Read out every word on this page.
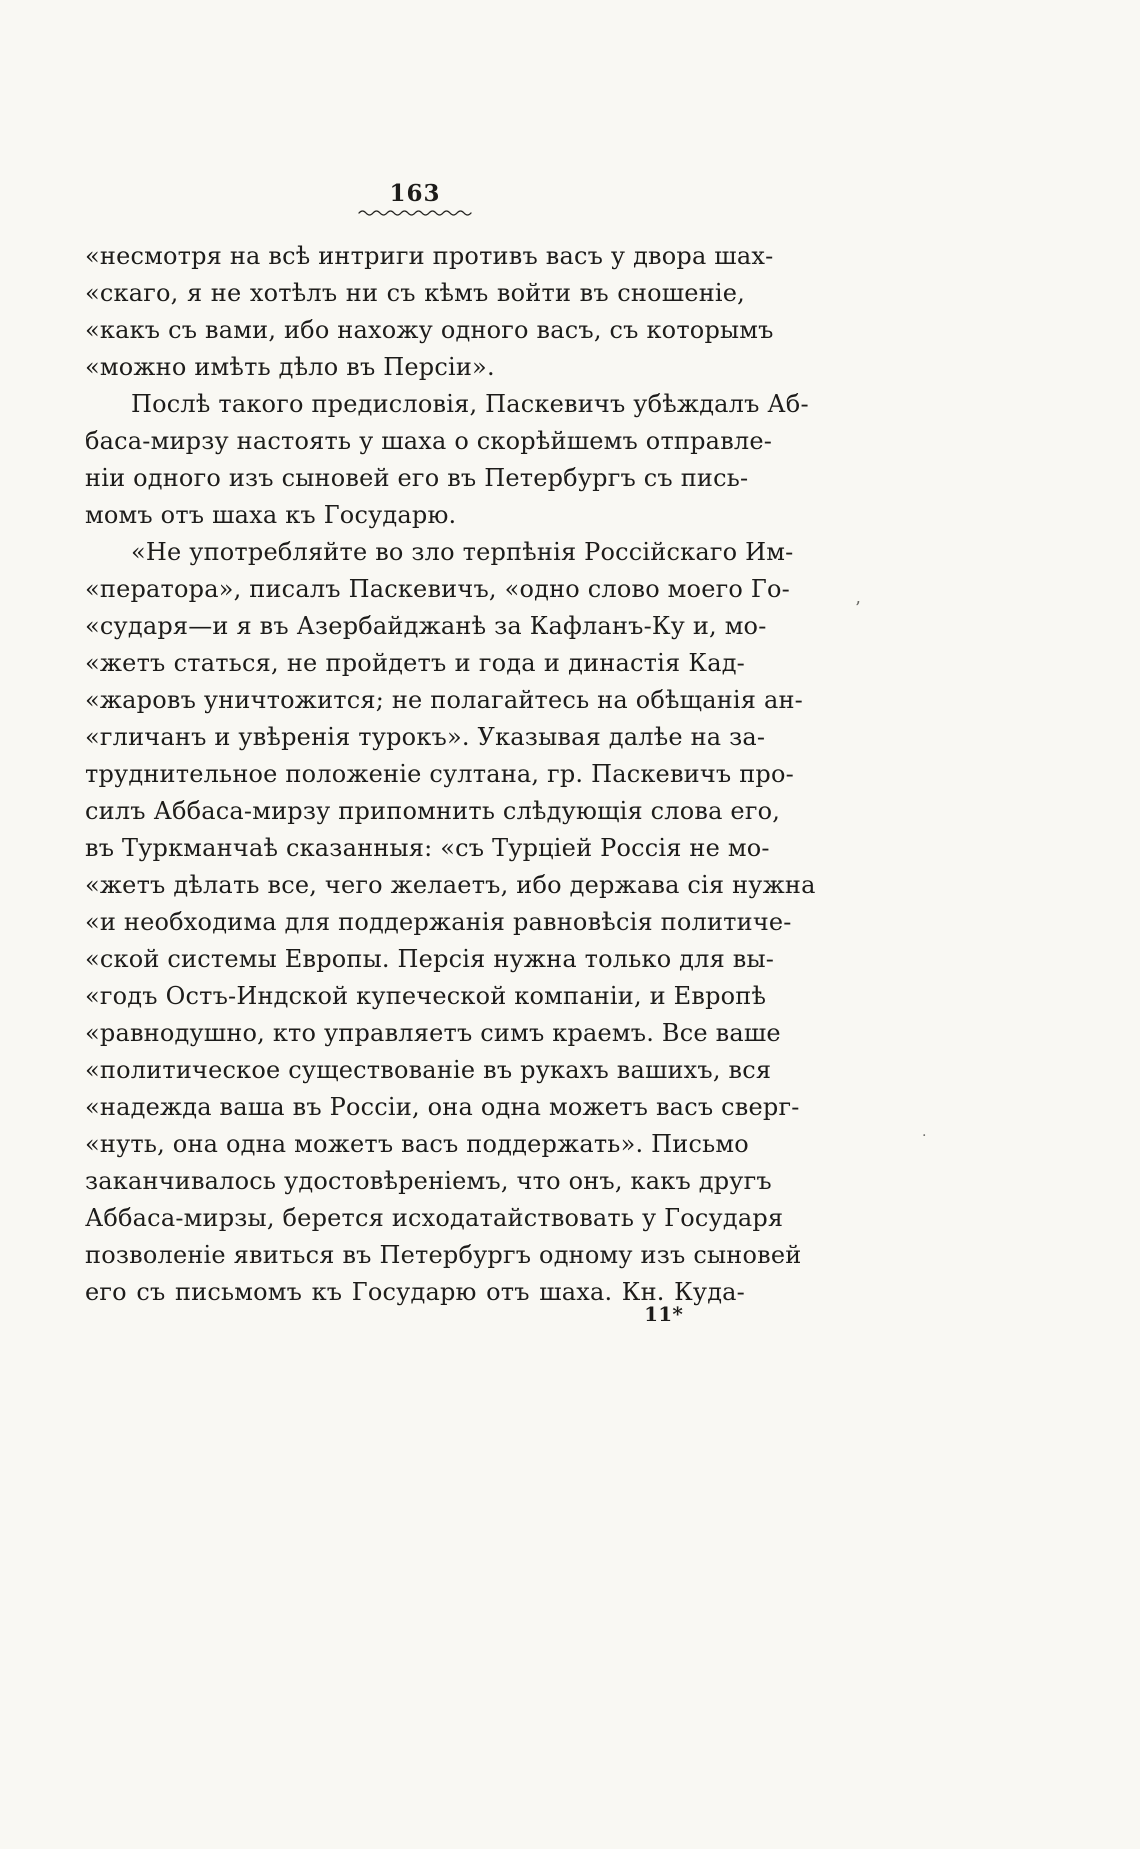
163
«несмотря на всѣ интриги противъ васъ у двора шах-
«скаго, я не хотѣлъ ни съ кѣмъ войти въ сношеніе,
«какъ съ вами, ибо нахожу одного васъ, съ которымъ
«можно имѣть дѣло въ Персіи».
Послѣ такого предисловія, Паскевичъ убѣждалъ Аб-
баса-мирзу настоять у шаха о скорѣйшемъ отправле-
ніи одного изъ сыновей его въ Петербургъ съ пись-
момъ отъ шаха къ Государю.
«Не употребляйте во зло терпѣнія Россійскаго Им-
«ператора», писалъ Паскевичъ, «одно слово моего Го-
«сударя—и я въ Азербайджанѣ за Кафланъ-Ку и, мо-
«жетъ статься, не пройдетъ и года и династія Кад-
«жаровъ уничтожится; не полагайтесь на обѣщанія ан-
«гличанъ и увѣренія турокъ». Указывая далѣе на за-
труднительное положеніе султана, гр. Паскевичъ про-
силъ Аббаса-мирзу припомнить слѣдующія слова его,
въ Туркманчаѣ сказанныя: «съ Турціей Россія не мо-
«жетъ дѣлать все, чего желаетъ, ибо держава сія нужна
«и необходима для поддержанія равновѣсія политиче-
«ской системы Европы. Персія нужна только для вы-
«годъ Остъ-Индской купеческой компаніи, и Европѣ
«равнодушно, кто управляетъ симъ краемъ. Все ваше
«политическое существованіе въ рукахъ вашихъ, вся
«надежда ваша въ Россіи, она одна можетъ васъ сверг-
«нуть, она одна можетъ васъ поддержать». Письмо
заканчивалось удостовѣреніемъ, что онъ, какъ другъ
Аббаса-мирзы, берется исходатайствовать у Государя
позволеніе явиться въ Петербургъ одному изъ сыновей
его съ письмомъ къ Государю отъ шаха. Кн. Куда-
11*
’
.
